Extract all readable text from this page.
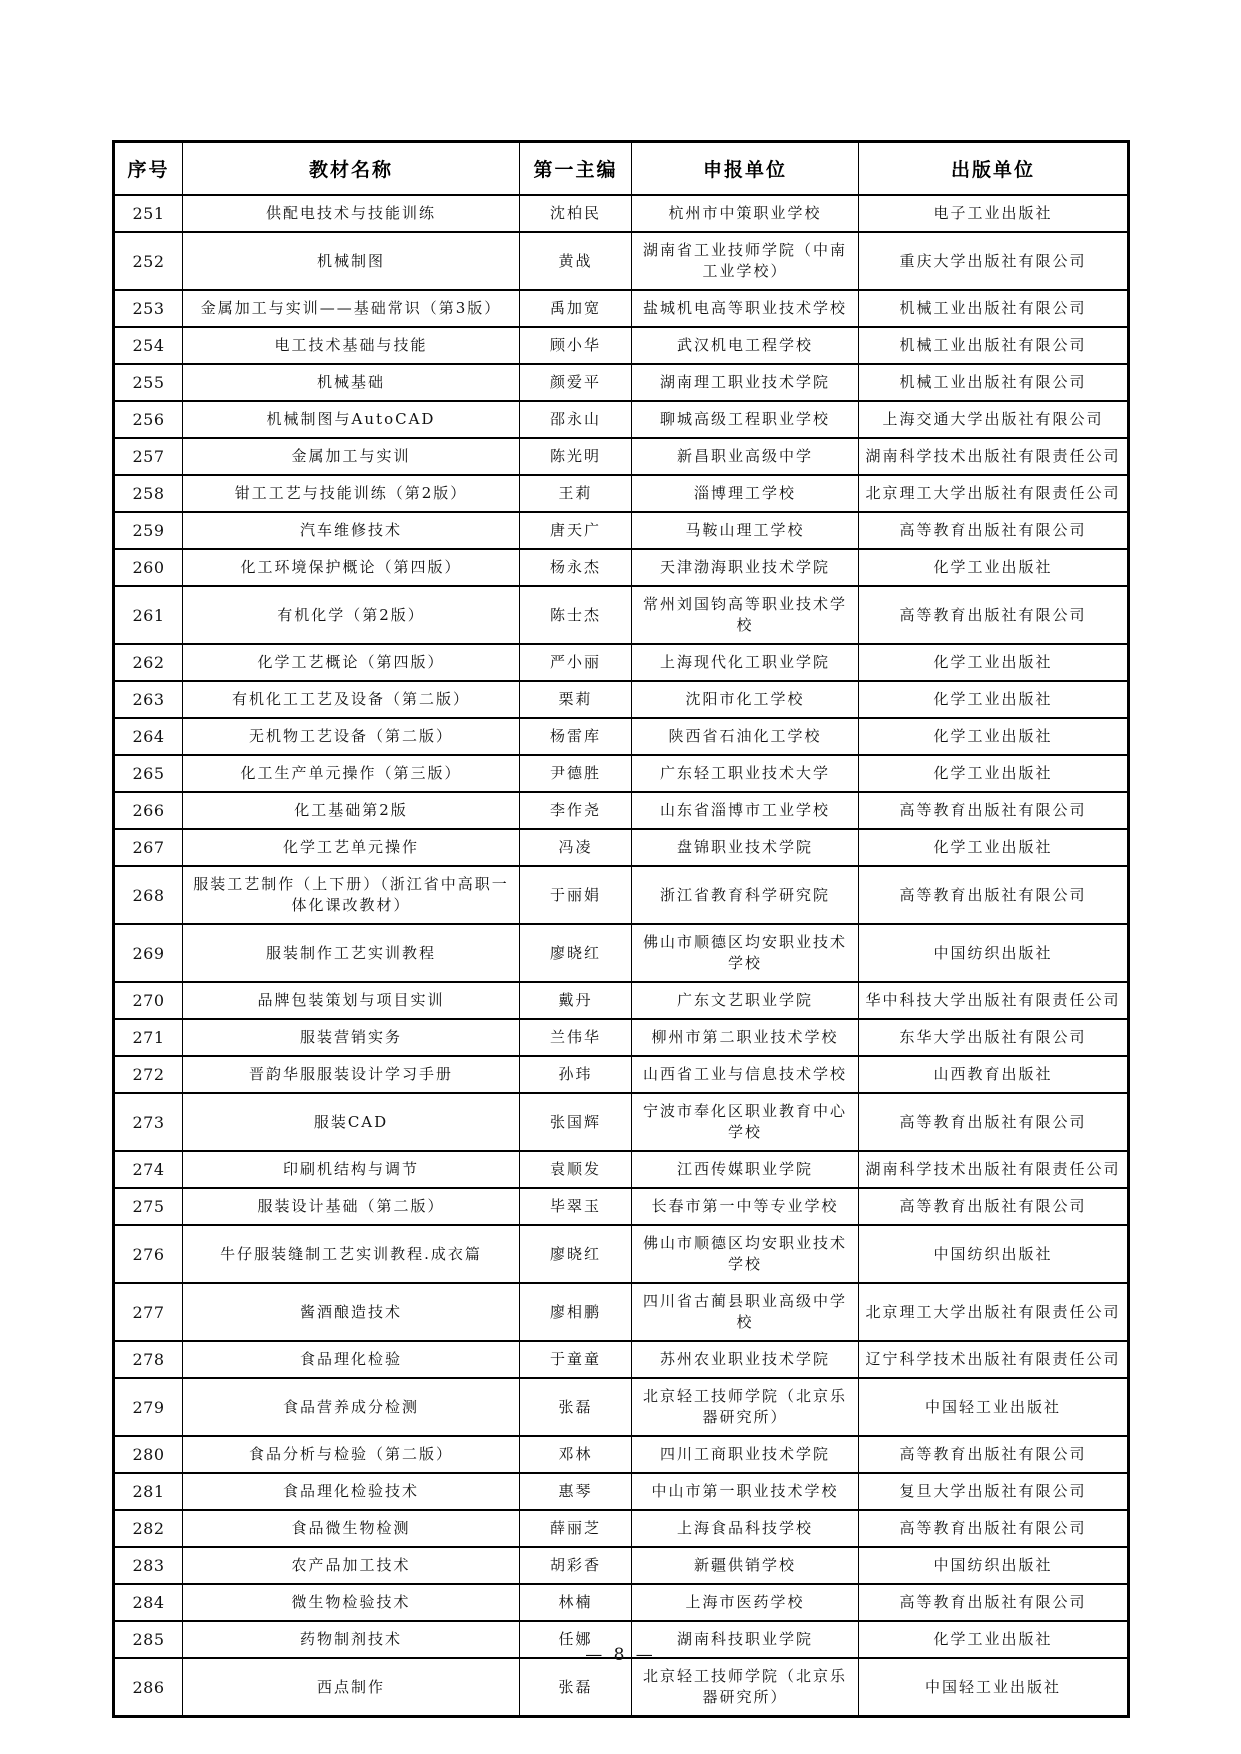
序号	教材名称	第一主编	申报单位	出版单位
251	供配电技术与技能训练	沈柏民	杭州市中策职业学校	电子工业出版社
252	机械制图	黄战	湖南省工业技师学院（中南工业学校）	重庆大学出版社有限公司
253	金属加工与实训——基础常识（第3版）	禹加宽	盐城机电高等职业技术学校	机械工业出版社有限公司
254	电工技术基础与技能	顾小华	武汉机电工程学校	机械工业出版社有限公司
255	机械基础	颜爱平	湖南理工职业技术学院	机械工业出版社有限公司
256	机械制图与AutoCAD	邵永山	聊城高级工程职业学校	上海交通大学出版社有限公司
257	金属加工与实训	陈光明	新昌职业高级中学	湖南科学技术出版社有限责任公司
258	钳工工艺与技能训练（第2版）	王莉	淄博理工学校	北京理工大学出版社有限责任公司
259	汽车维修技术	唐天广	马鞍山理工学校	高等教育出版社有限公司
260	化工环境保护概论（第四版）	杨永杰	天津渤海职业技术学院	化学工业出版社
261	有机化学（第2版）	陈士杰	常州刘国钧高等职业技术学校	高等教育出版社有限公司
262	化学工艺概论（第四版）	严小丽	上海现代化工职业学院	化学工业出版社
263	有机化工工艺及设备（第二版）	栗莉	沈阳市化工学校	化学工业出版社
264	无机物工艺设备（第二版）	杨雷库	陕西省石油化工学校	化学工业出版社
265	化工生产单元操作（第三版）	尹德胜	广东轻工职业技术大学	化学工业出版社
266	化工基础第2版	李作尧	山东省淄博市工业学校	高等教育出版社有限公司
267	化学工艺单元操作	冯凌	盘锦职业技术学院	化学工业出版社
268	服装工艺制作（上下册）（浙江省中高职一体化课改教材）	于丽娟	浙江省教育科学研究院	高等教育出版社有限公司
269	服装制作工艺实训教程	廖晓红	佛山市顺德区均安职业技术学校	中国纺织出版社
270	品牌包装策划与项目实训	戴丹	广东文艺职业学院	华中科技大学出版社有限责任公司
271	服装营销实务	兰伟华	柳州市第二职业技术学校	东华大学出版社有限公司
272	晋韵华服服装设计学习手册	孙玮	山西省工业与信息技术学校	山西教育出版社
273	服装CAD	张国辉	宁波市奉化区职业教育中心学校	高等教育出版社有限公司
274	印刷机结构与调节	袁顺发	江西传媒职业学院	湖南科学技术出版社有限责任公司
275	服装设计基础（第二版）	毕翠玉	长春市第一中等专业学校	高等教育出版社有限公司
276	牛仔服装缝制工艺实训教程.成衣篇	廖晓红	佛山市顺德区均安职业技术学校	中国纺织出版社
277	酱酒酿造技术	廖相鹏	四川省古蔺县职业高级中学校	北京理工大学出版社有限责任公司
278	食品理化检验	于童童	苏州农业职业技术学院	辽宁科学技术出版社有限责任公司
279	食品营养成分检测	张磊	北京轻工技师学院（北京乐器研究所）	中国轻工业出版社
280	食品分析与检验（第二版）	邓林	四川工商职业技术学院	高等教育出版社有限公司
281	食品理化检验技术	惠琴	中山市第一职业技术学校	复旦大学出版社有限公司
282	食品微生物检测	薛丽芝	上海食品科技学校	高等教育出版社有限公司
283	农产品加工技术	胡彩香	新疆供销学校	中国纺织出版社
284	微生物检验技术	林楠	上海市医药学校	高等教育出版社有限公司
285	药物制剂技术	任娜	湖南科技职业学院	化学工业出版社
286	西点制作	张磊	北京轻工技师学院（北京乐器研究所）	中国轻工业出版社
— 8 —
